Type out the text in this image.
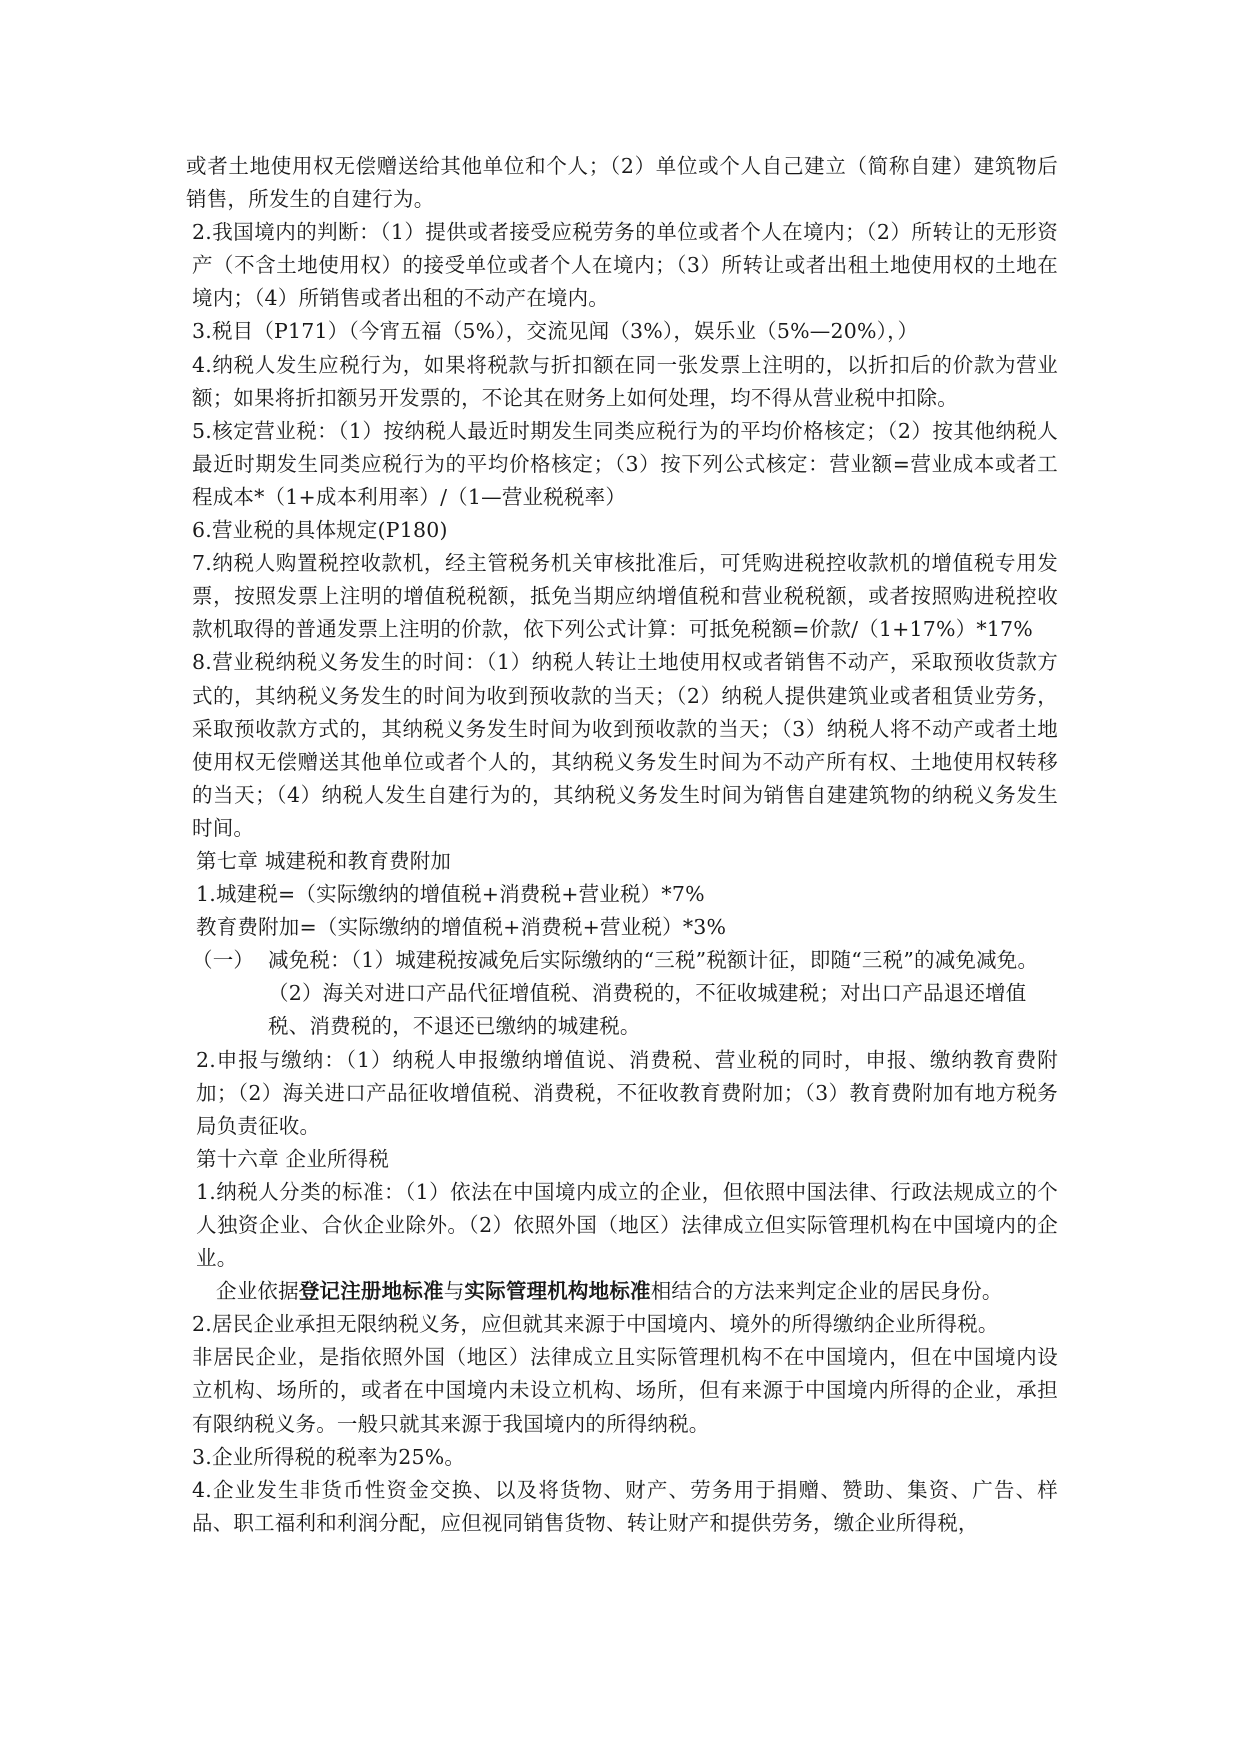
或者土地使用权无偿赠送给其他单位和个人；（2）单位或个人自己建立（简称自建）建筑物后销售，所发生的自建行为。

2.我国境内的判断：（1）提供或者接受应税劳务的单位或者个人在境内；（2）所转让的无形资产（不含土地使用权）的接受单位或者个人在境内；（3）所转让或者出租土地使用权的土地在境内；（4）所销售或者出租的不动产在境内。

3.税目（P171）（今宵五福（5%），交流见闻（3%），娱乐业（5%—20%），）

4.纳税人发生应税行为，如果将税款与折扣额在同一张发票上注明的，以折扣后的价款为营业额；如果将折扣额另开发票的，不论其在财务上如何处理，均不得从营业税中扣除。

5.核定营业税：（1）按纳税人最近时期发生同类应税行为的平均价格核定；（2）按其他纳税人最近时期发生同类应税行为的平均价格核定；（3）按下列公式核定：营业额=营业成本或者工程成本*（1+成本利用率）/（1—营业税税率）

6.营业税的具体规定(P180)

7.纳税人购置税控收款机，经主管税务机关审核批准后，可凭购进税控收款机的增值税专用发票，按照发票上注明的增值税税额，抵免当期应纳增值税和营业税税额，或者按照购进税控收款机取得的普通发票上注明的价款，依下列公式计算：可抵免税额=价款/（1+17%）*17%

8.营业税纳税义务发生的时间：（1）纳税人转让土地使用权或者销售不动产，采取预收货款方式的，其纳税义务发生的时间为收到预收款的当天；（2）纳税人提供建筑业或者租赁业劳务，采取预收款方式的，其纳税义务发生时间为收到预收款的当天；（3）纳税人将不动产或者土地使用权无偿赠送其他单位或者个人的，其纳税义务发生时间为不动产所有权、土地使用权转移的当天；（4）纳税人发生自建行为的，其纳税义务发生时间为销售自建建筑物的纳税义务发生时间。

第七章 城建税和教育费附加

1.城建税=（实际缴纳的增值税+消费税+营业税）*7%

教育费附加=（实际缴纳的增值税+消费税+营业税）*3%

（一） 减免税：（1）城建税按减免后实际缴纳的“三税”税额计征，即随“三税”的减免减免。（2）海关对进口产品代征增值税、消费税的，不征收城建税；对出口产品退还增值税、消费税的，不退还已缴纳的城建税。

2.申报与缴纳：（1）纳税人申报缴纳增值说、消费税、营业税的同时，申报、缴纳教育费附加；（2）海关进口产品征收增值税、消费税，不征收教育费附加；（3）教育费附加有地方税务局负责征收。

第十六章 企业所得税

1.纳税人分类的标准：（1）依法在中国境内成立的企业，但依照中国法律、行政法规成立的个人独资企业、合伙企业除外。（2）依照外国（地区）法律成立但实际管理机构在中国境内的企业。

企业依据登记注册地标准与实际管理机构地标准相结合的方法来判定企业的居民身份。

2.居民企业承担无限纳税义务，应但就其来源于中国境内、境外的所得缴纳企业所得税。

非居民企业，是指依照外国（地区）法律成立且实际管理机构不在中国境内，但在中国境内设立机构、场所的，或者在中国境内未设立机构、场所，但有来源于中国境内所得的企业，承担有限纳税义务。一般只就其来源于我国境内的所得纳税。

3.企业所得税的税率为25%。

4.企业发生非货币性资金交换、以及将货物、财产、劳务用于捐赠、赞助、集资、广告、样品、职工福利和利润分配，应但视同销售货物、转让财产和提供劳务，缴企业所得税，
